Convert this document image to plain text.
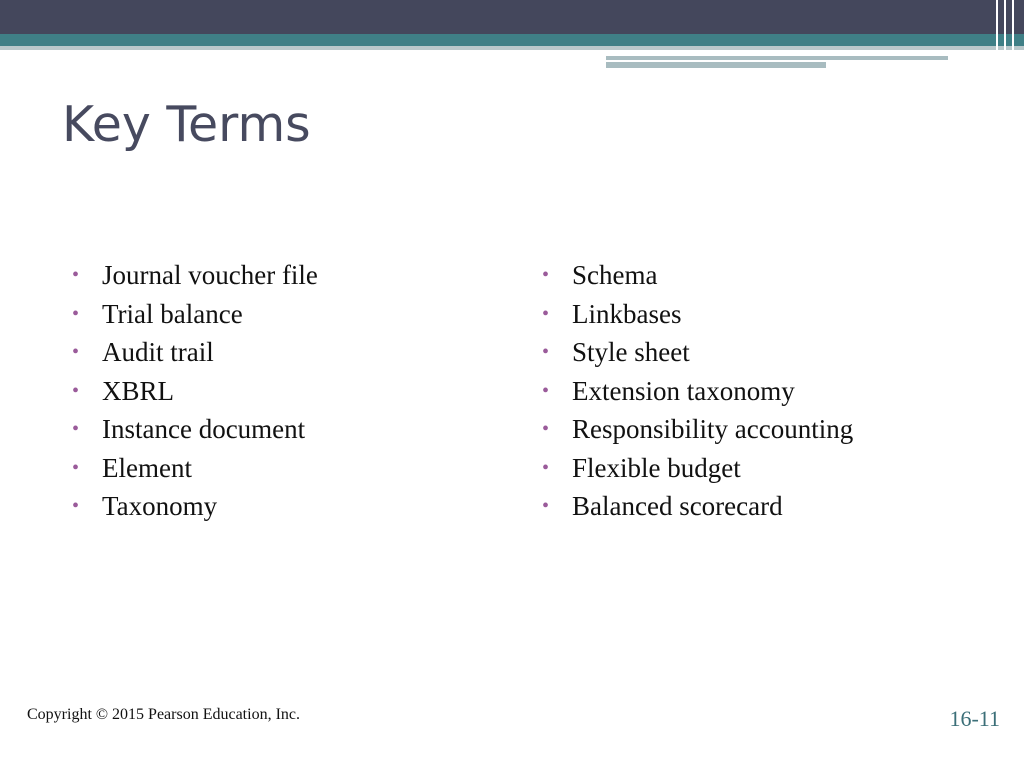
Key Terms
• Journal voucher file
• Trial balance
• Audit trail
• XBRL
• Instance document
• Element
• Taxonomy
• Schema
• Linkbases
• Style sheet
• Extension taxonomy
• Responsibility accounting
• Flexible budget
• Balanced scorecard
Copyright © 2015 Pearson Education, Inc.	16-11
